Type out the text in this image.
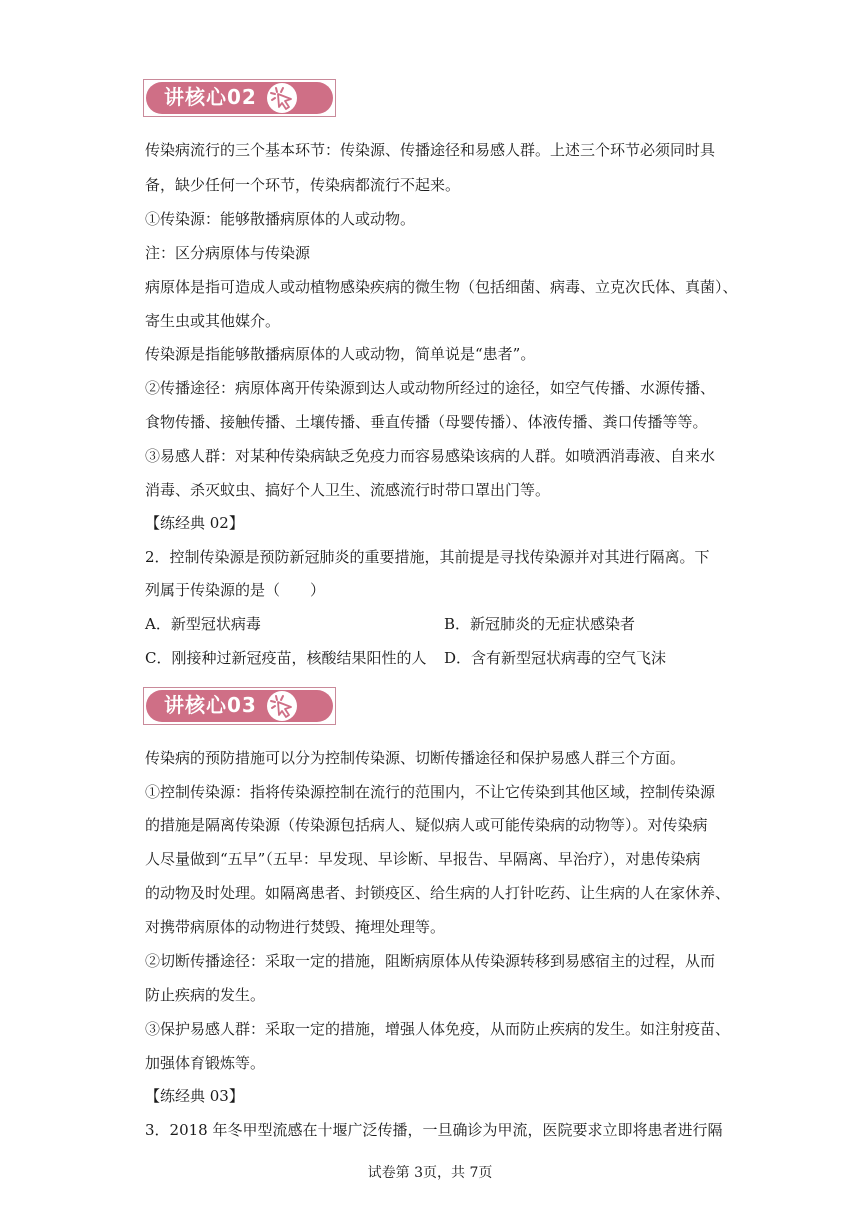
讲核心02
传染病流行的三个基本环节：传染源、传播途径和易感人群。上述三个环节必须同时具
备，缺少任何一个环节，传染病都流行不起来。
①传染源：能够散播病原体的人或动物。
注：区分病原体与传染源
病原体是指可造成人或动植物感染疾病的微生物（包括细菌、病毒、立克次氏体、真菌）、
寄生虫或其他媒介。
传染源是指能够散播病原体的人或动物，简单说是“患者”。
②传播途径：病原体离开传染源到达人或动物所经过的途径，如空气传播、水源传播、
食物传播、接触传播、土壤传播、垂直传播（母婴传播）、体液传播、粪口传播等等。
③易感人群：对某种传染病缺乏免疫力而容易感染该病的人群。如喷洒消毒液、自来水
消毒、杀灭蚊虫、搞好个人卫生、流感流行时带口罩出门等。
【练经典 02】
2．控制传染源是预防新冠肺炎的重要措施，其前提是寻找传染源并对其进行隔离。下
列属于传染源的是（　　）
A．新型冠状病毒	B．新冠肺炎的无症状感染者
C．刚接种过新冠疫苗，核酸结果阳性的人 D．含有新型冠状病毒的空气飞沫
讲核心03
传染病的预防措施可以分为控制传染源、切断传播途径和保护易感人群三个方面。
①控制传染源：指将传染源控制在流行的范围内，不让它传染到其他区域，控制传染源
的措施是隔离传染源（传染源包括病人、疑似病人或可能传染病的动物等）。对传染病
人尽量做到“五早”（五早：早发现、早诊断、早报告、早隔离、早治疗），对患传染病
的动物及时处理。如隔离患者、封锁疫区、给生病的人打针吃药、让生病的人在家休养、
对携带病原体的动物进行焚毁、掩埋处理等。
②切断传播途径：采取一定的措施，阻断病原体从传染源转移到易感宿主的过程，从而
防止疾病的发生。
③保护易感人群：采取一定的措施，增强人体免疫，从而防止疾病的发生。如注射疫苗、
加强体育锻炼等。
【练经典 03】
3．2018 年冬甲型流感在十堰广泛传播，一旦确诊为甲流，医院要求立即将患者进行隔
试卷第 3页，共 7页
